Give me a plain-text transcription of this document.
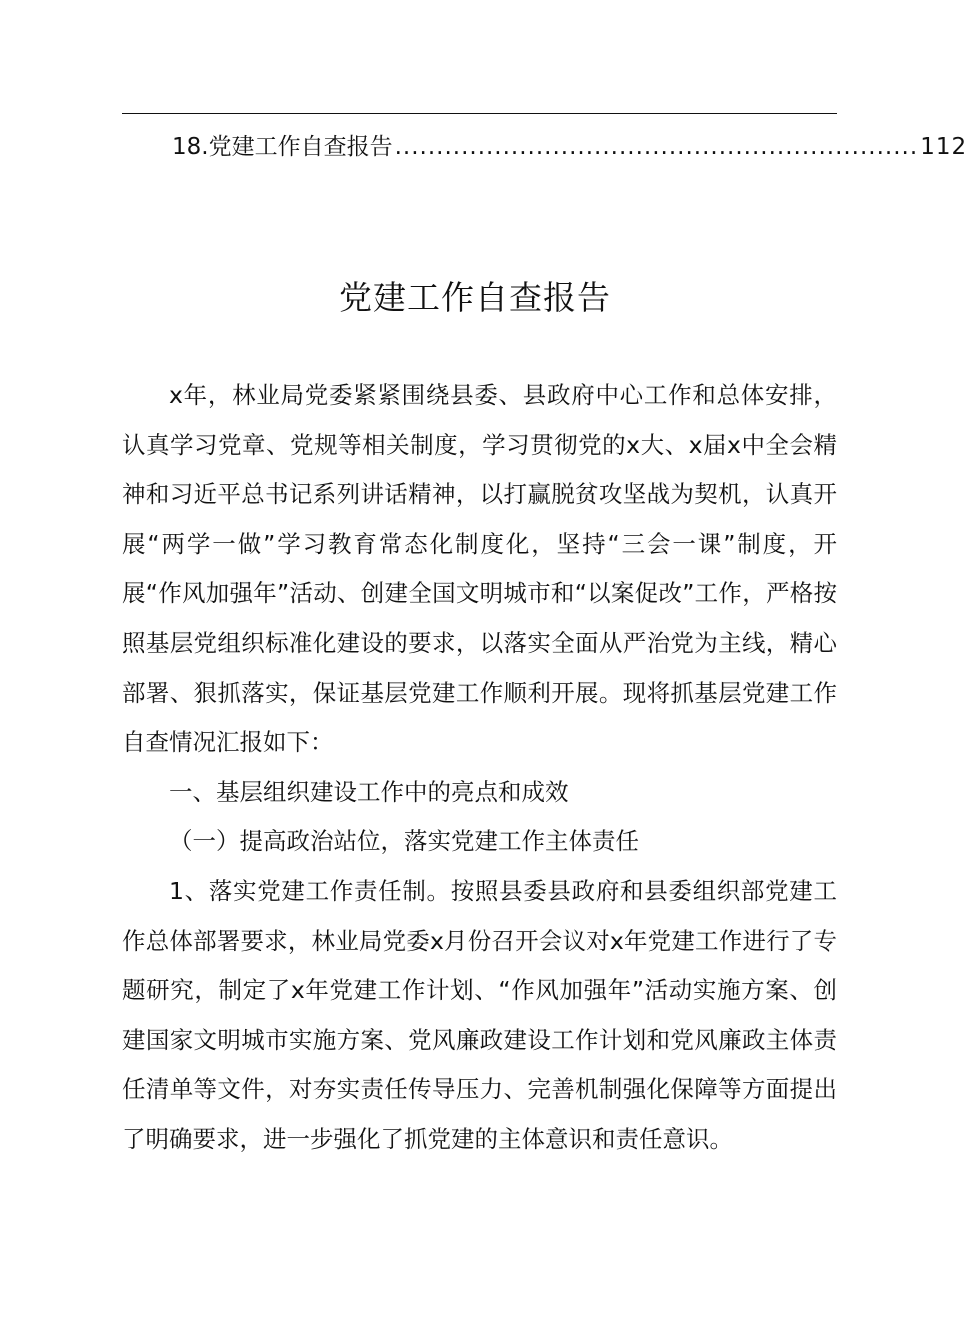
18.党建工作自查报告 ............................................................... 112
党建工作自查报告

x年，林业局党委紧紧围绕县委、县政府中心工作和总体安排，认真学习党章、党规等相关制度，学习贯彻党的x大、x届x中全会精神和习近平总书记系列讲话精神，以打赢脱贫攻坚战为契机，认真开展“两学一做”学习教育常态化制度化，坚持“三会一课”制度，开展“作风加强年”活动、创建全国文明城市和“以案促改”工作，严格按照基层党组织标准化建设的要求，以落实全面从严治党为主线，精心部署、狠抓落实，保证基层党建工作顺利开展。现将抓基层党建工作自查情况汇报如下：

一、基层组织建设工作中的亮点和成效

（一）提高政治站位，落实党建工作主体责任

1、落实党建工作责任制。按照县委县政府和县委组织部党建工作总体部署要求，林业局党委x月份召开会议对x年党建工作进行了专题研究，制定了x年党建工作计划、“作风加强年”活动实施方案、创建国家文明城市实施方案、党风廉政建设工作计划和党风廉政主体责任清单等文件，对夯实责任传导压力、完善机制强化保障等方面提出了明确要求，进一步强化了抓党建的主体意识和责任意识。
